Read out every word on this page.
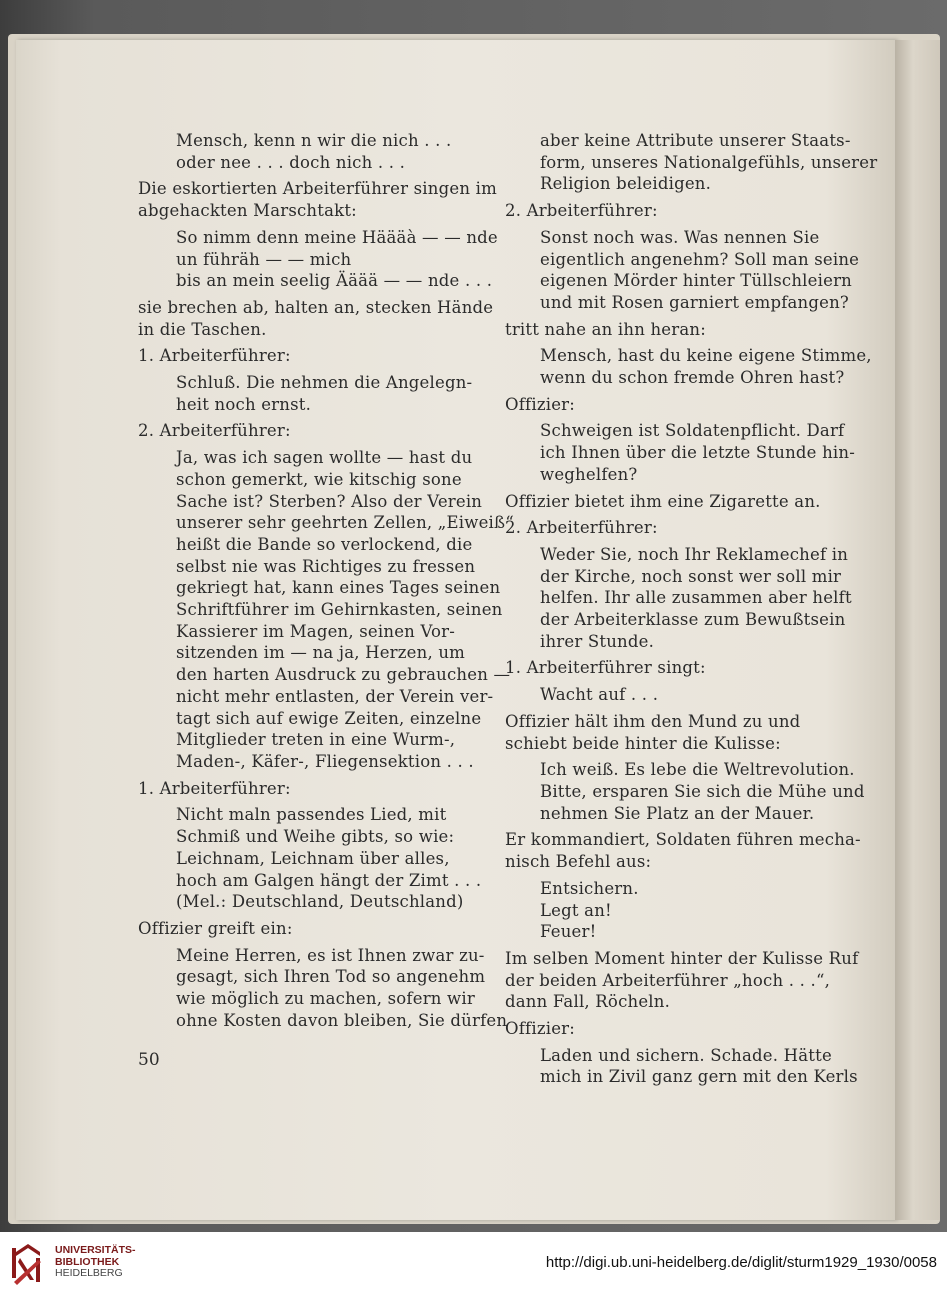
Mensch, kenn n wir die nich . . .
oder nee . . . doch nich . . .
Die eskortierten Arbeiterführer singen im
abgehackten Marschtakt:
So nimm denn meine Häääà — — nde
un führäh — — mich
bis an mein seelig Ääää — — nde . . .
sie brechen ab, halten an, stecken Hände
in die Taschen.
1. Arbeiterführer:
Schluß. Die nehmen die Angelegn-
heit noch ernst.
2. Arbeiterführer:
Ja, was ich sagen wollte — hast du
schon gemerkt, wie kitschig sone
Sache ist? Sterben? Also der Verein
unserer sehr geehrten Zellen, „Eiweiß“
heißt die Bande so verlockend, die
selbst nie was Richtiges zu fressen
gekriegt hat, kann eines Tages seinen
Schriftführer im Gehirnkasten, seinen
Kassierer im Magen, seinen Vor-
sitzenden im — na ja, Herzen, um
den harten Ausdruck zu gebrauchen —
nicht mehr entlasten, der Verein ver-
tagt sich auf ewige Zeiten, einzelne
Mitglieder treten in eine Wurm-,
Maden-, Käfer-, Fliegensektion . . .
1. Arbeiterführer:
Nicht maln passendes Lied, mit
Schmiß und Weihe gibts, so wie:
Leichnam, Leichnam über alles,
hoch am Galgen hängt der Zimt . . .
(Mel.: Deutschland, Deutschland)
Offizier greift ein:
Meine Herren, es ist Ihnen zwar zu-
gesagt, sich Ihren Tod so angenehm
wie möglich zu machen, sofern wir
ohne Kosten davon bleiben, Sie dürfen
aber keine Attribute unserer Staats-
form, unseres Nationalgefühls, unserer
Religion beleidigen.
2. Arbeiterführer:
Sonst noch was. Was nennen Sie
eigentlich angenehm? Soll man seine
eigenen Mörder hinter Tüllschleiern
und mit Rosen garniert empfangen?
tritt nahe an ihn heran:
Mensch, hast du keine eigene Stimme,
wenn du schon fremde Ohren hast?
Offizier:
Schweigen ist Soldatenpflicht. Darf
ich Ihnen über die letzte Stunde hin-
weghelfen?
Offizier bietet ihm eine Zigarette an.
2. Arbeiterführer:
Weder Sie, noch Ihr Reklamechef in
der Kirche, noch sonst wer soll mir
helfen. Ihr alle zusammen aber helft
der Arbeiterklasse zum Bewußtsein
ihrer Stunde.
1. Arbeiterführer singt:
Wacht auf . . .
Offizier hält ihm den Mund zu und
schiebt beide hinter die Kulisse:
Ich weiß. Es lebe die Weltrevolution.
Bitte, ersparen Sie sich die Mühe und
nehmen Sie Platz an der Mauer.
Er kommandiert, Soldaten führen mecha-
nisch Befehl aus:
Entsichern.
Legt an!
Feuer!
Im selben Moment hinter der Kulisse Ruf
der beiden Arbeiterführer „hoch . . .“,
dann Fall, Röcheln.
Offizier:
Laden und sichern. Schade. Hätte
mich in Zivil ganz gern mit den Kerls
50
UNIVERSITÄTS-
BIBLIOTHEK
HEIDELBERG
http://digi.ub.uni-heidelberg.de/diglit/sturm1929_1930/0058
